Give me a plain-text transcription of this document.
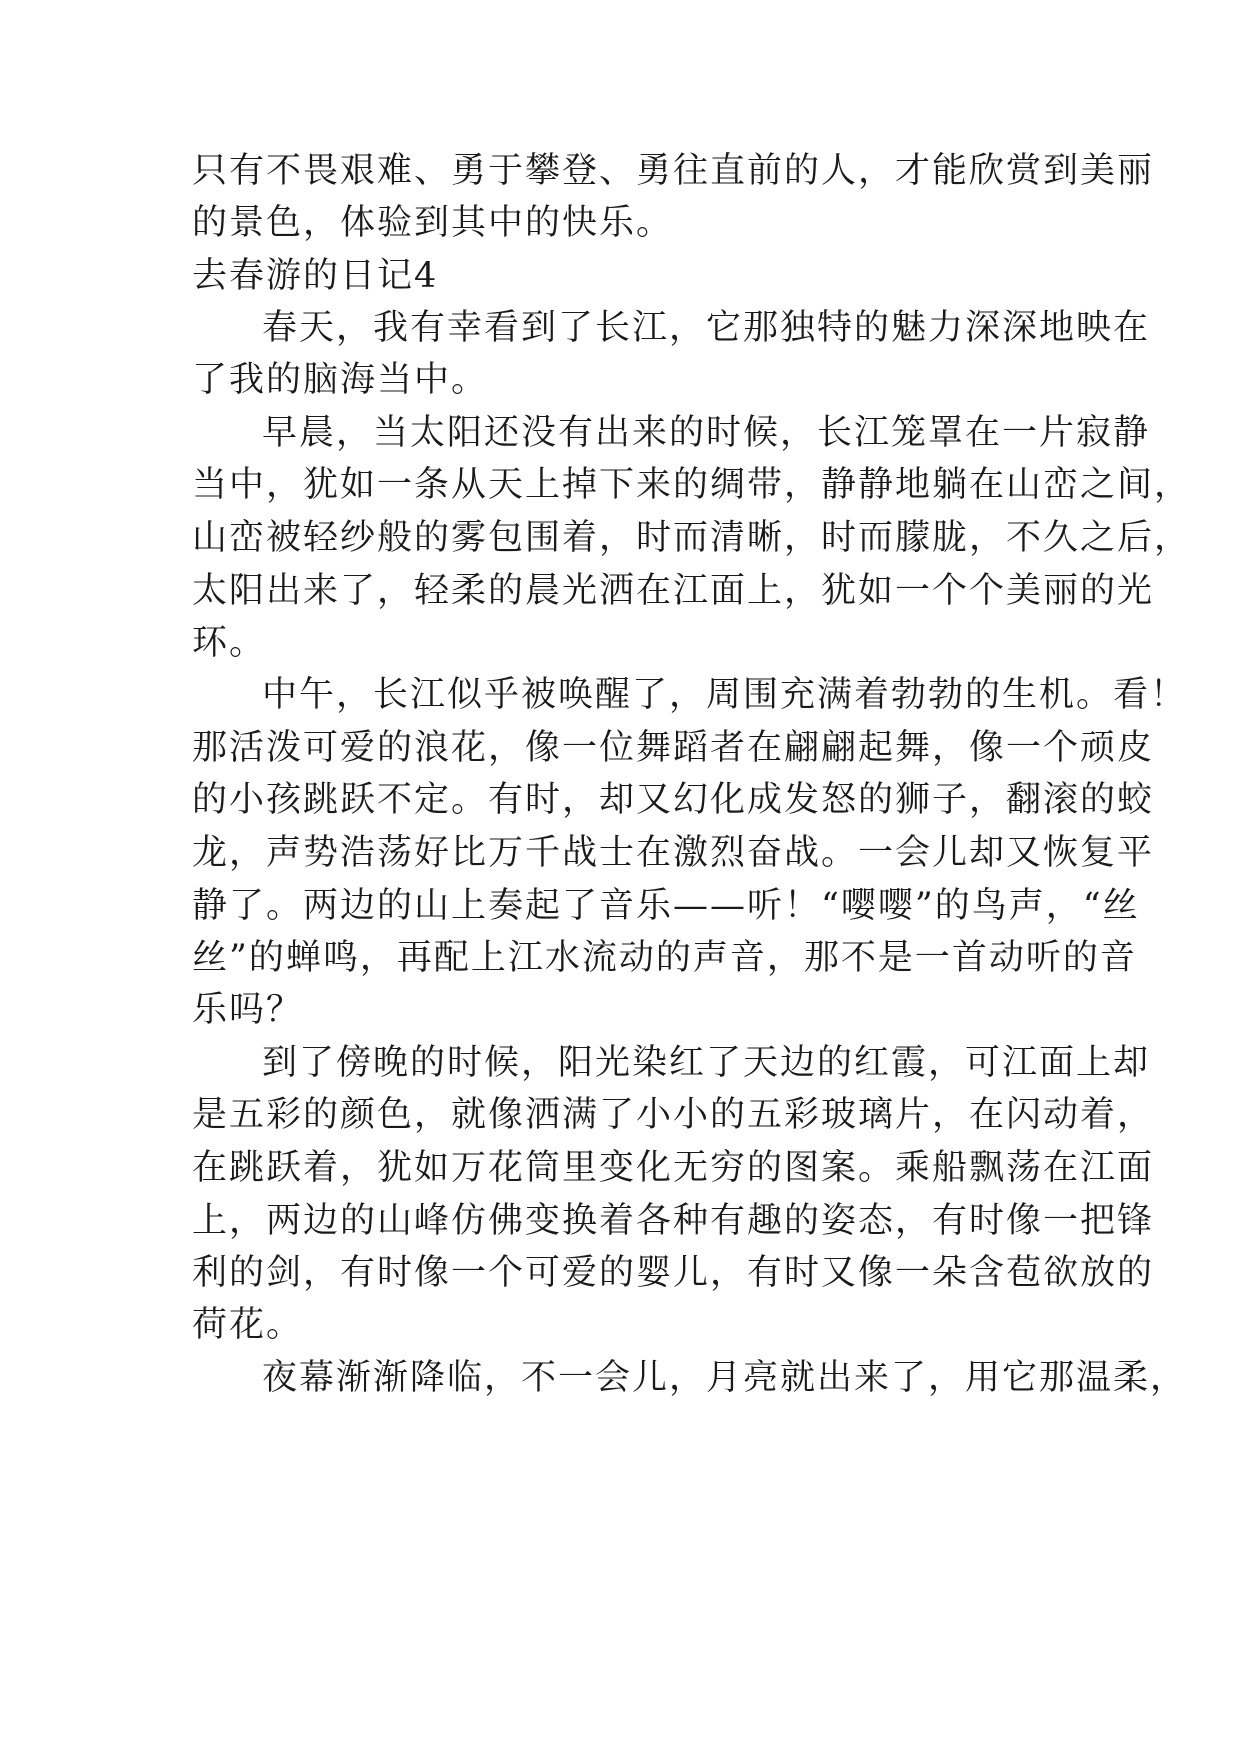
只有不畏艰难、勇于攀登、勇往直前的人，才能欣赏到美丽
的景色，体验到其中的快乐。
去春游的日记4
春天，我有幸看到了长江，它那独特的魅力深深地映在
了我的脑海当中。
早晨，当太阳还没有出来的时候，长江笼罩在一片寂静
当中，犹如一条从天上掉下来的绸带，静静地躺在山峦之间，
山峦被轻纱般的雾包围着，时而清晰，时而朦胧，不久之后，
太阳出来了，轻柔的晨光洒在江面上，犹如一个个美丽的光
环。
中午，长江似乎被唤醒了，周围充满着勃勃的生机。看！
那活泼可爱的浪花，像一位舞蹈者在翩翩起舞，像一个顽皮
的小孩跳跃不定。有时，却又幻化成发怒的狮子，翻滚的蛟
龙，声势浩荡好比万千战士在激烈奋战。一会儿却又恢复平
静了。两边的山上奏起了音乐——听！“嘤嘤”的鸟声，“丝
丝”的蝉鸣，再配上江水流动的声音，那不是一首动听的音
乐吗？
到了傍晚的时候，阳光染红了天边的红霞，可江面上却
是五彩的颜色，就像洒满了小小的五彩玻璃片，在闪动着，
在跳跃着，犹如万花筒里变化无穷的图案。乘船飘荡在江面
上，两边的山峰仿佛变换着各种有趣的姿态，有时像一把锋
利的剑，有时像一个可爱的婴儿，有时又像一朵含苞欲放的
荷花。
夜幕渐渐降临，不一会儿，月亮就出来了，用它那温柔，
